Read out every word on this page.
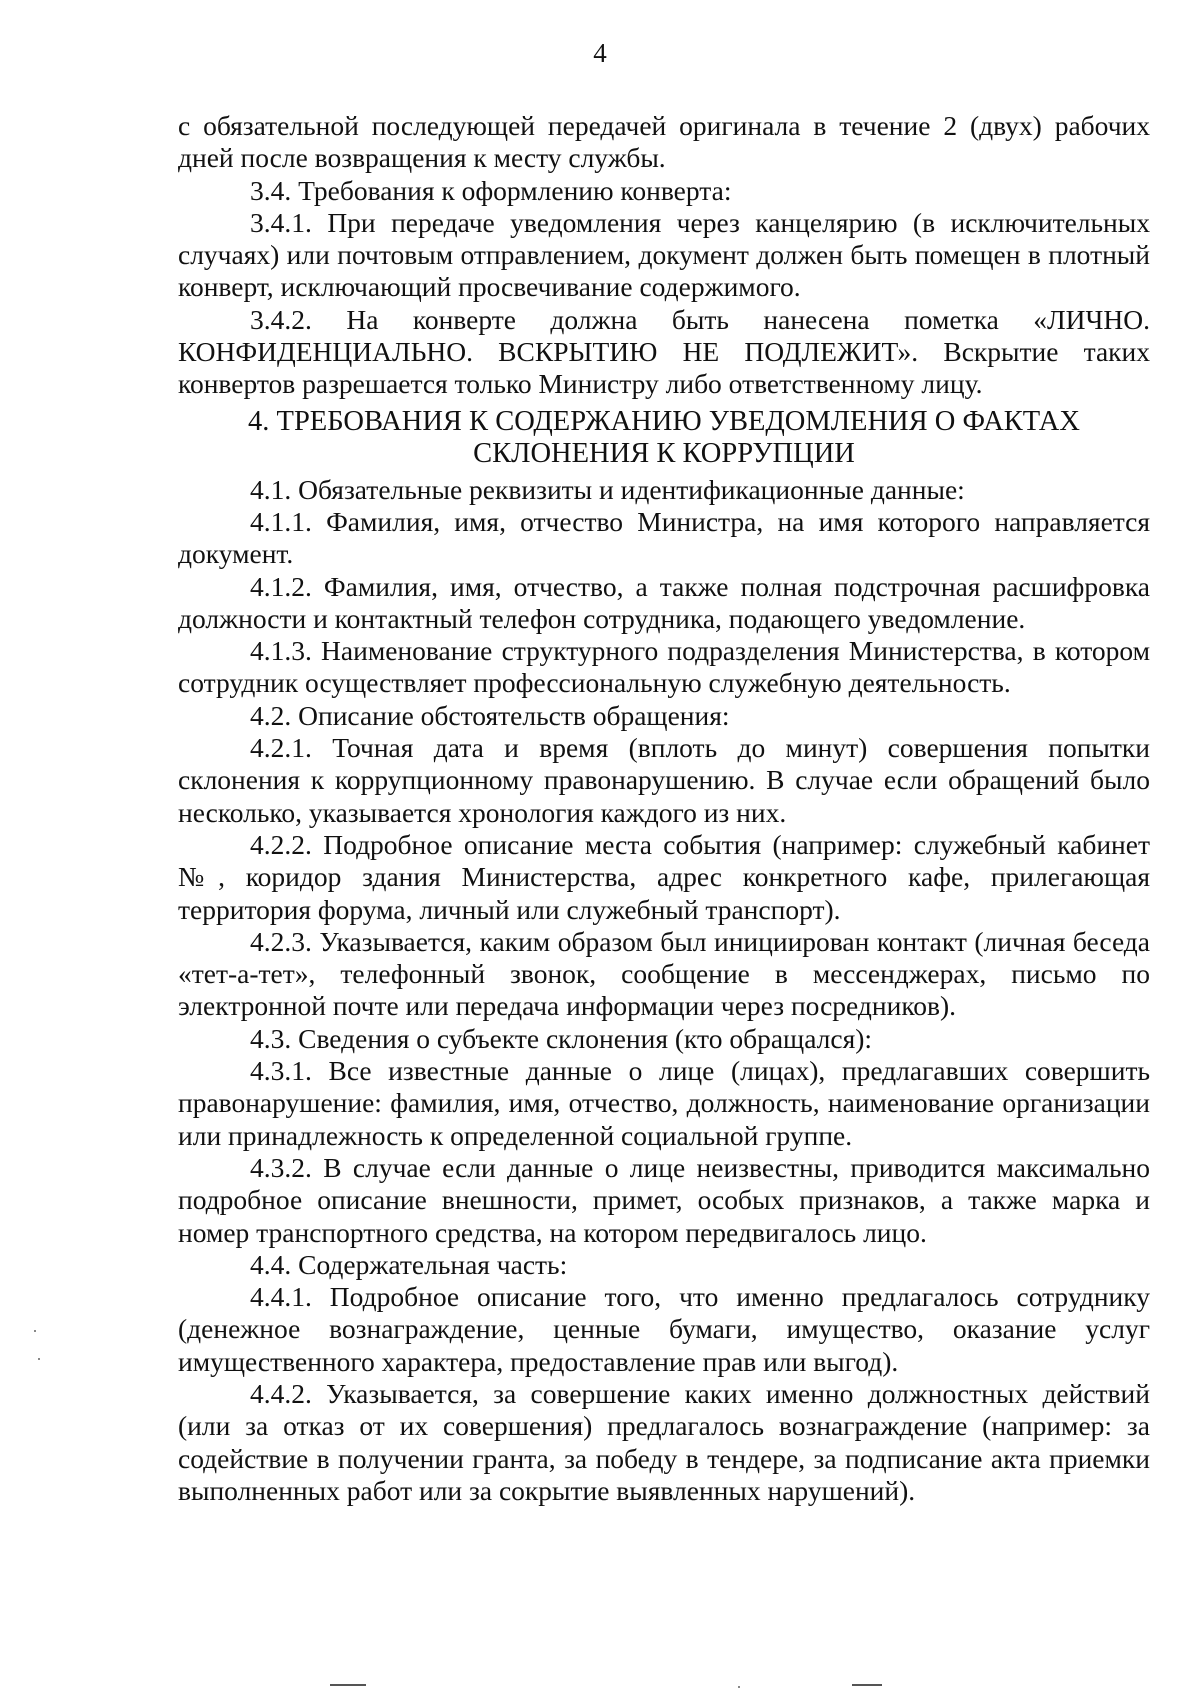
4

с обязательной последующей передачей оригинала в течение 2 (двух) рабочих дней после возвращения к месту службы.

3.4. Требования к оформлению конверта:

3.4.1. При передаче уведомления через канцелярию (в исключительных случаях) или почтовым отправлением, документ должен быть помещен в плотный конверт, исключающий просвечивание содержимого.

3.4.2. На конверте должна быть нанесена пометка «ЛИЧНО. КОНФИДЕНЦИАЛЬНО. ВСКРЫТИЮ НЕ ПОДЛЕЖИТ». Вскрытие таких конвертов разрешается только Министру либо ответственному лицу.

4. ТРЕБОВАНИЯ К СОДЕРЖАНИЮ УВЕДОМЛЕНИЯ О ФАКТАХ
СКЛОНЕНИЯ К КОРРУПЦИИ

4.1. Обязательные реквизиты и идентификационные данные:

4.1.1. Фамилия, имя, отчество Министра, на имя которого направляется документ.

4.1.2. Фамилия, имя, отчество, а также полная подстрочная расшифровка должности и контактный телефон сотрудника, подающего уведомление.

4.1.3. Наименование структурного подразделения Министерства, в котором сотрудник осуществляет профессиональную служебную деятельность.

4.2. Описание обстоятельств обращения:

4.2.1. Точная дата и время (вплоть до минут) совершения попытки склонения к коррупционному правонарушению. В случае если обращений было несколько, указывается хронология каждого из них.

4.2.2. Подробное описание места события (например: служебный кабинет №, коридор здания Министерства, адрес конкретного кафе, прилегающая территория форума, личный или служебный транспорт).

4.2.3. Указывается, каким образом был инициирован контакт (личная беседа «тет-а-тет», телефонный звонок, сообщение в мессенджерах, письмо по электронной почте или передача информации через посредников).

4.3. Сведения о субъекте склонения (кто обращался):

4.3.1. Все известные данные о лице (лицах), предлагавших совершить правонарушение: фамилия, имя, отчество, должность, наименование организации или принадлежность к определенной социальной группе.

4.3.2. В случае если данные о лице неизвестны, приводится максимально подробное описание внешности, примет, особых признаков, а также марка и номер транспортного средства, на котором передвигалось лицо.

4.4. Содержательная часть:

4.4.1. Подробное описание того, что именно предлагалось сотруднику (денежное вознаграждение, ценные бумаги, имущество, оказание услуг имущественного характера, предоставление прав или выгод).

4.4.2. Указывается, за совершение каких именно должностных действий (или за отказ от их совершения) предлагалось вознаграждение (например: за содействие в получении гранта, за победу в тендере, за подписание акта приемки выполненных работ или за сокрытие выявленных нарушений).
